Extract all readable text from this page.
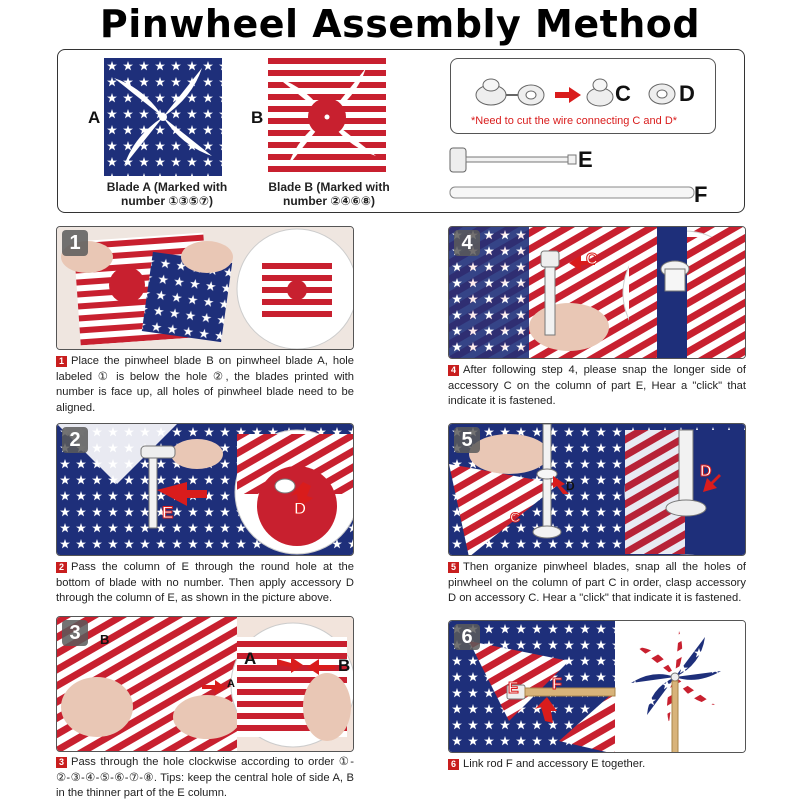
Pinwheel Assembly Method
A
Blade A (Marked with number ①③⑤⑦)
B
Blade B (Marked with number ②④⑥⑧)
C D
*Need to cut the wire connecting C and D*
E
F
1
1 Place the pinwheel blade B on pinwheel blade A, hole labeled ① is below the hole ②, the blades printed with number is face up, all holes of pinwheel blade need to be aligned.
2
E	D
2 Pass the column of E through the round hole at the bottom of blade with no number. Then apply accessory D through the column of E, as shown in the picture above.
3	B
A
A	B
3 Pass through the hole clockwise according to order ①-②-③-④-⑤-⑥-⑦-⑧. Tips: keep the central hole of side A, B in the thinner part of the E column.
4
C
4 After following step 4, please snap the longer side of accessory C on the column of part E, Hear a "click" that indicate it is fastened.
5
D
C
D
5 Then organize pinwheel blades, snap all the holes of pinwheel on the column of part C in order, clasp accessory D on accessory C. Hear a "click" that indicate it is fastened.
6
E F
6 Link rod F and accessory E together.
